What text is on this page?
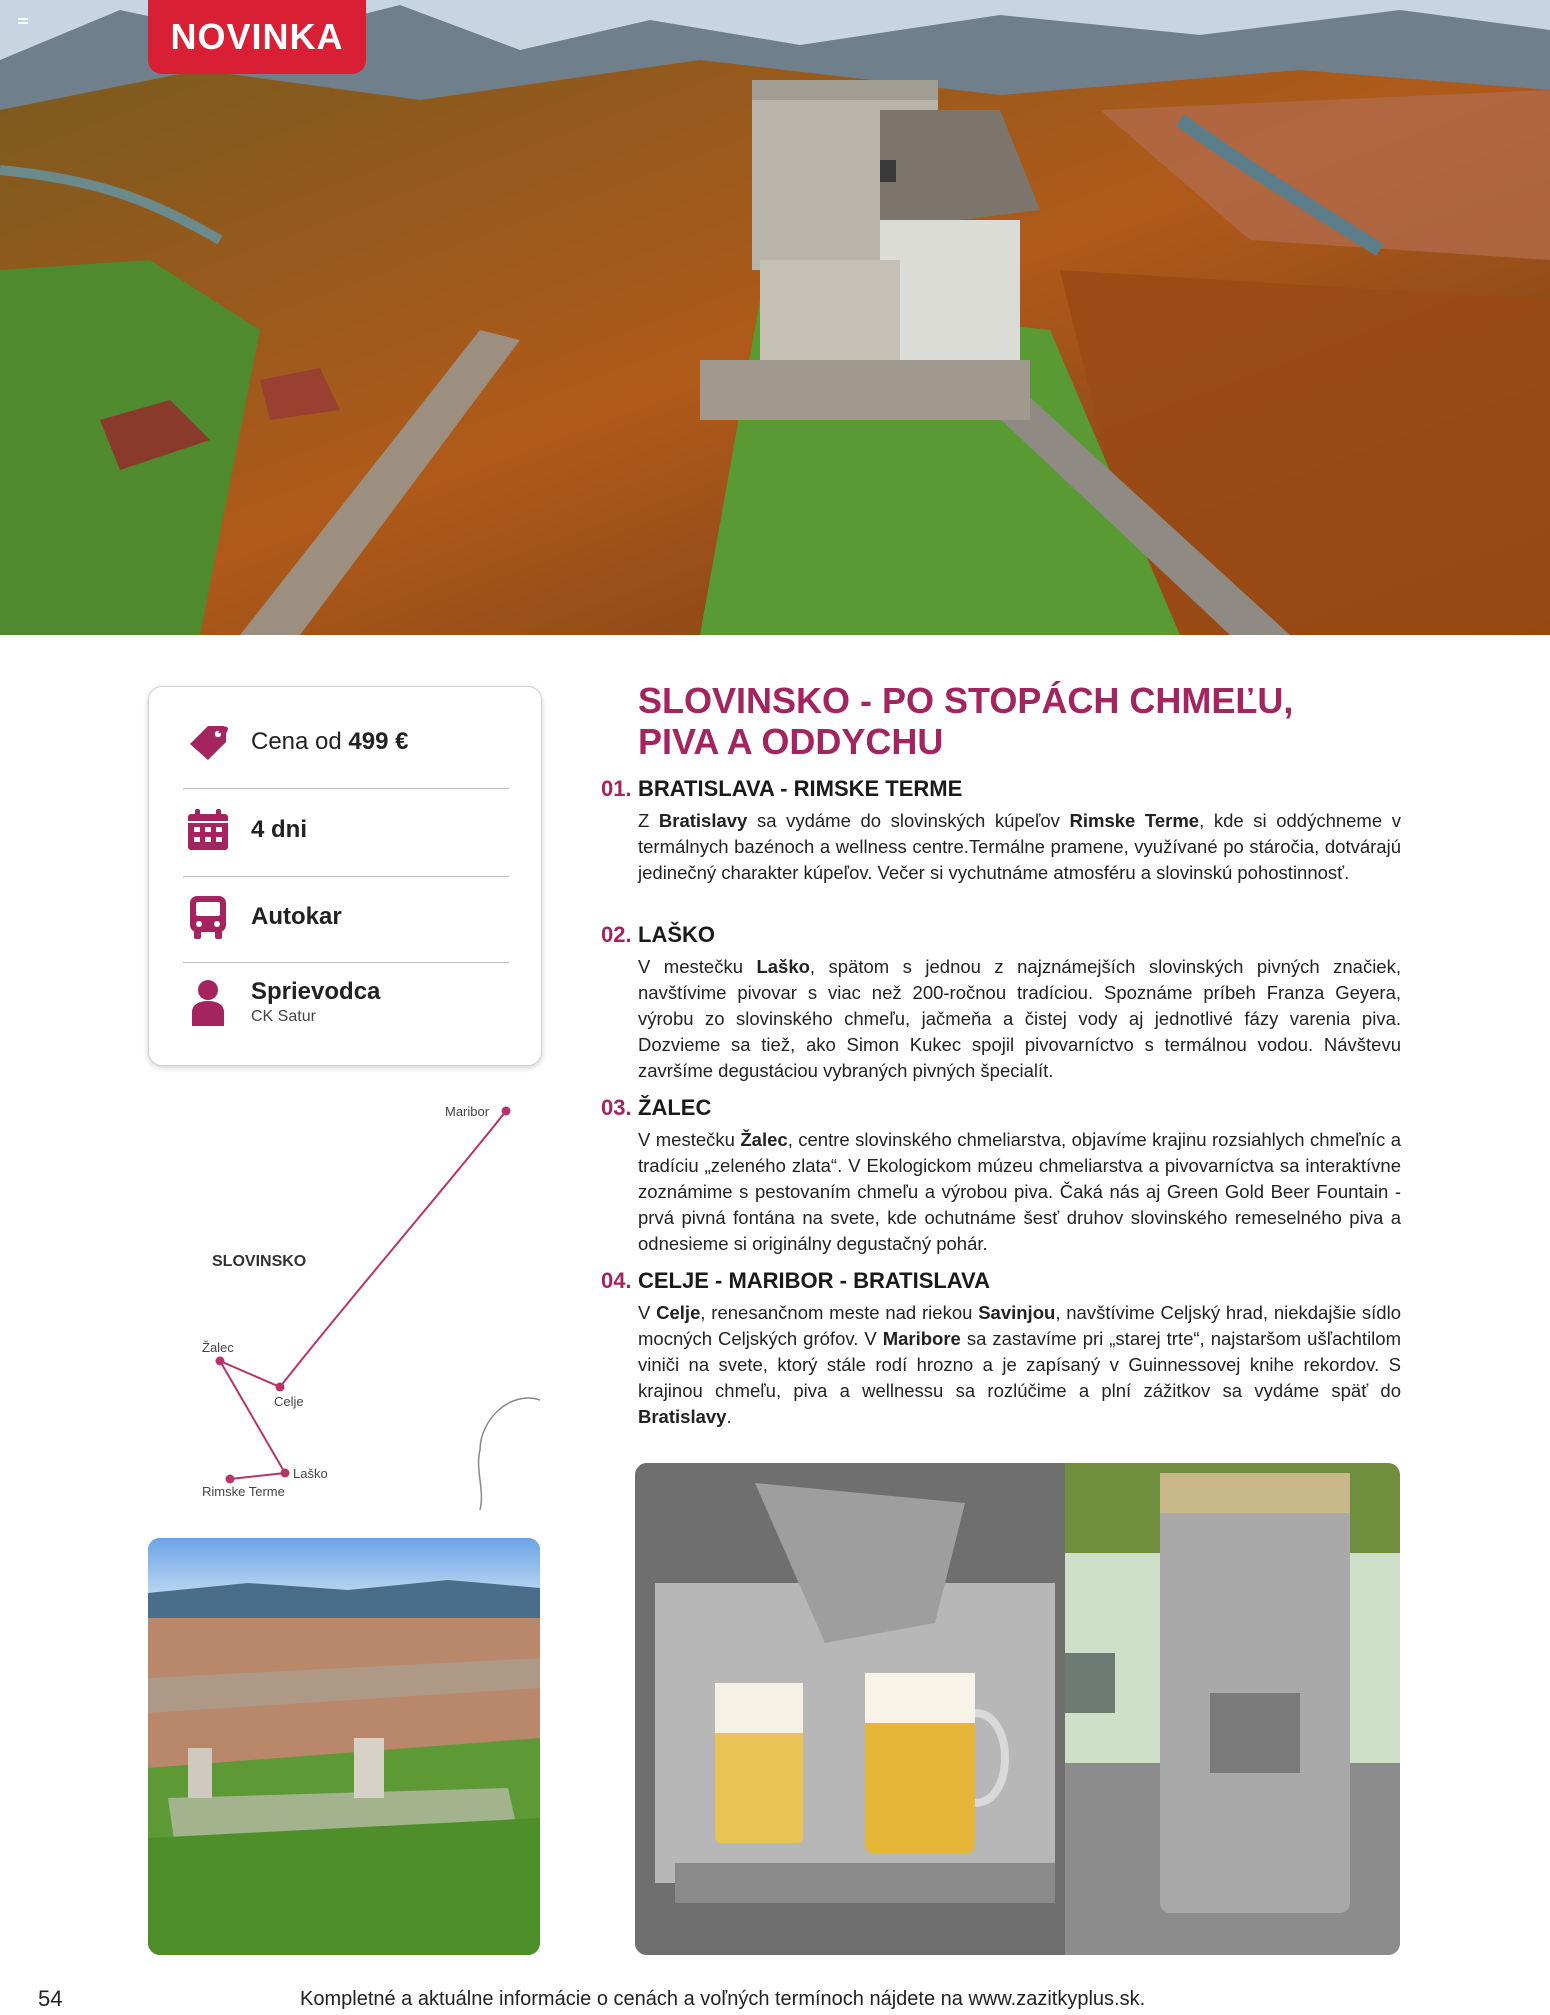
NOVINKA
Cena od 499 €
4 dni
Autokar
Sprievodca
CK Satur
SLOVINSKO - PO STOPÁCH CHMEĽU,
PIVA A ODDYCHU
01. BRATISLAVA - RIMSKE TERME
Z Bratislavy sa vydáme do slovinských kúpeľov Rimske Terme, kde si oddýchneme v termálnych bazénoch a wellness centre.Termálne pramene, využívané po stáročia, dotvárajú jedinečný charakter kúpeľov. Večer si vychutnáme atmosféru a slovinskú pohostinnosť.
02. LAŠKO
V mestečku Laško, spätom s jednou z najznámejších slovinských pivných značiek, navštívime pivovar s viac než 200-ročnou tradíciou. Spoznáme príbeh Franza Geyera, výrobu zo slovinského chmeľu, jačmeňa a čistej vody aj jednotlivé fázy varenia piva. Dozvieme sa tiež, ako Simon Kukec spojil pivovarníctvo s termálnou vodou. Návštevu završíme degustáciou vybraných pivných špecialít.
03. ŽALEC
V mestečku Žalec, centre slovinského chmeliarstva, objavíme krajinu rozsiahlych chmeľníc a tradíciu „zeleného zlata“. V Ekologickom múzeu chmeliarstva a pivovarníctva sa interaktívne zoznámime s pestovaním chmeľu a výrobou piva. Čaká nás aj Green Gold Beer Fountain - prvá pivná fontána na svete, kde ochutnáme šesť druhov slovinského remeselného piva a odnesieme si originálny degustačný pohár.
04. CELJE - MARIBOR - BRATISLAVA
V Celje, renesančnom meste nad riekou Savinjou, navštívime Celjský hrad, niekdajšie sídlo mocných Celjských grófov. V Maribore sa zastavíme pri „starej trte“, najstaršom ušľachtilom viniči na svete, ktorý stále rodí hrozno a je zapísaný v Guinnessovej knihe rekordov. S krajinou chmeľu, piva a wellnessu sa rozlúčime a plní zážitkov sa vydáme späť do Bratislavy.
SLOVINSKO
Maribor
Žalec
Celje
Laško
Rimske Terme
54	Kompletné a aktuálne informácie o cenách a voľných termínoch nájdete na www.zazitkyplus.sk.
